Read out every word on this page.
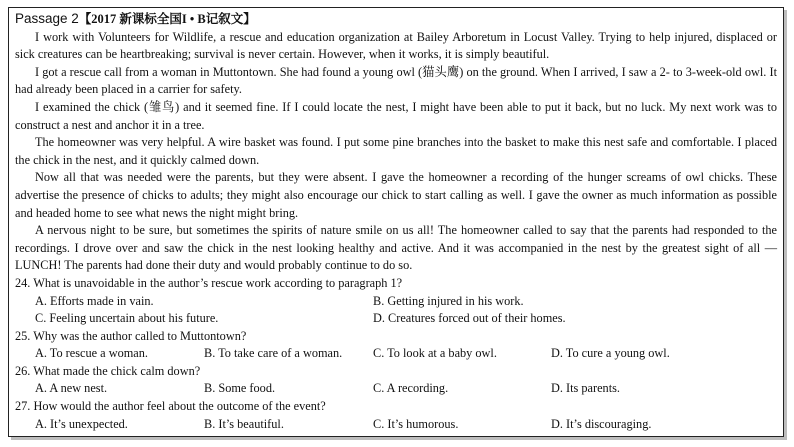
Passage 2【2017 新课标全国I • B记叙文】

I work with Volunteers for Wildlife, a rescue and education organization at Bailey Arboretum in Locust Valley. Trying to help injured, displaced or sick creatures can be heartbreaking; survival is never certain. However, when it works, it is simply beautiful.

I got a rescue call from a woman in Muttontown. She had found a young owl (猫头鹰) on the ground. When I arrived, I saw a 2- to 3-week-old owl. It had already been placed in a carrier for safety.

I examined the chick (雏鸟) and it seemed fine. If I could locate the nest, I might have been able to put it back, but no luck. My next work was to construct a nest and anchor it in a tree.

The homeowner was very helpful. A wire basket was found. I put some pine branches into the basket to make this nest safe and comfortable. I placed the chick in the nest, and it quickly calmed down.

Now all that was needed were the parents, but they were absent. I gave the homeowner a recording of the hunger screams of owl chicks. These advertise the presence of chicks to adults; they might also encourage our chick to start calling as well. I gave the owner as much information as possible and headed home to see what news the night might bring.

A nervous night to be sure, but sometimes the spirits of nature smile on us all! The homeowner called to say that the parents had responded to the recordings. I drove over and saw the chick in the nest looking healthy and active. And it was accompanied in the nest by the greatest sight of all — LUNCH! The parents had done their duty and would probably continue to do so.

24. What is unavoidable in the author’s rescue work according to paragraph 1?

A. Efforts made in vain.	B. Getting injured in his work.
C. Feeling uncertain about his future.	D. Creatures forced out of their homes.

25. Why was the author called to Muttontown?

A. To rescue a woman.	B. To take care of a woman.	C. To look at a baby owl.	D. To cure a young owl.

26. What made the chick calm down?

A. A new nest.	B. Some food.	C. A recording.	D. Its parents.

27. How would the author feel about the outcome of the event?

A. It’s unexpected.	B. It’s beautiful.	C. It’s humorous.	D. It’s discouraging.
